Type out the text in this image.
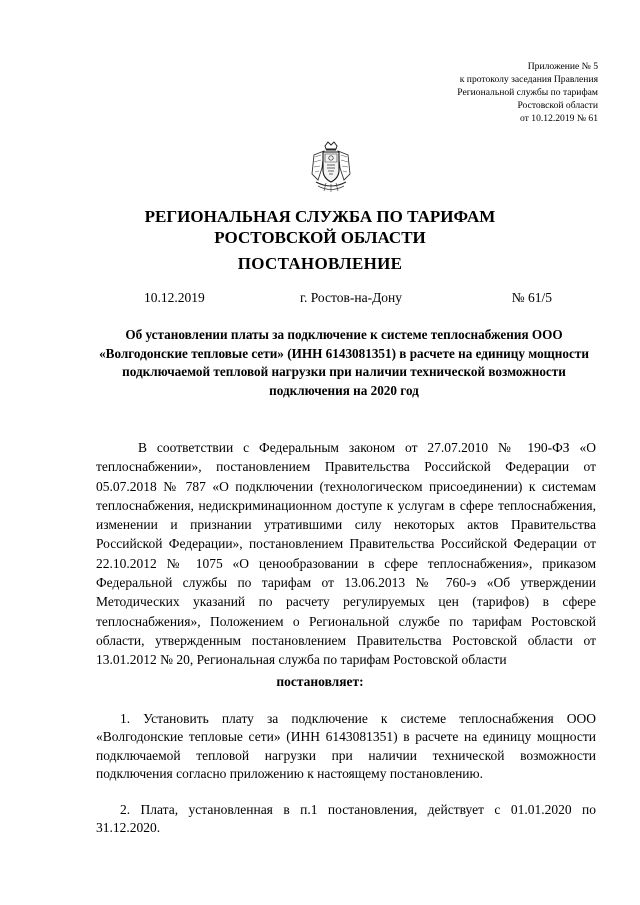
Приложение № 5
к протоколу заседания Правления
Региональной службы по тарифам
Ростовской области
от 10.12.2019 № 61
РЕГИОНАЛЬНАЯ СЛУЖБА ПО ТАРИФАМ
РОСТОВСКОЙ ОБЛАСТИ
ПОСТАНОВЛЕНИЕ
10.12.2019	г. Ростов-на-Дону	№ 61/5
Об установлении платы за подключение к системе теплоснабжения ООО «Волгодонские тепловые сети» (ИНН 6143081351) в расчете на единицу мощности подключаемой тепловой нагрузки при наличии технической возможности подключения на 2020 год

В соответствии с Федеральным законом от 27.07.2010 № 190-ФЗ «О теплоснабжении», постановлением Правительства Российской Федерации от 05.07.2018 № 787 «О подключении (технологическом присоединении) к системам теплоснабжения, недискриминационном доступе к услугам в сфере теплоснабжения, изменении и признании утратившими силу некоторых актов Правительства Российской Федерации», постановлением Правительства Российской Федерации от 22.10.2012 № 1075 «О ценообразовании в сфере теплоснабжения», приказом Федеральной службы по тарифам от 13.06.2013 № 760-э «Об утверждении Методических указаний по расчету регулируемых цен (тарифов) в сфере теплоснабжения», Положением о Региональной службе по тарифам Ростовской области, утвержденным постановлением Правительства Ростовской области от 13.01.2012 № 20, Региональная служба по тарифам Ростовской области

постановляет:

1. Установить плату за подключение к системе теплоснабжения ООО «Волгодонские тепловые сети» (ИНН 6143081351) в расчете на единицу мощности подключаемой тепловой нагрузки при наличии технической возможности подключения согласно приложению к настоящему постановлению.

2. Плата, установленная в п.1 постановления, действует с 01.01.2020 по 31.12.2020.
